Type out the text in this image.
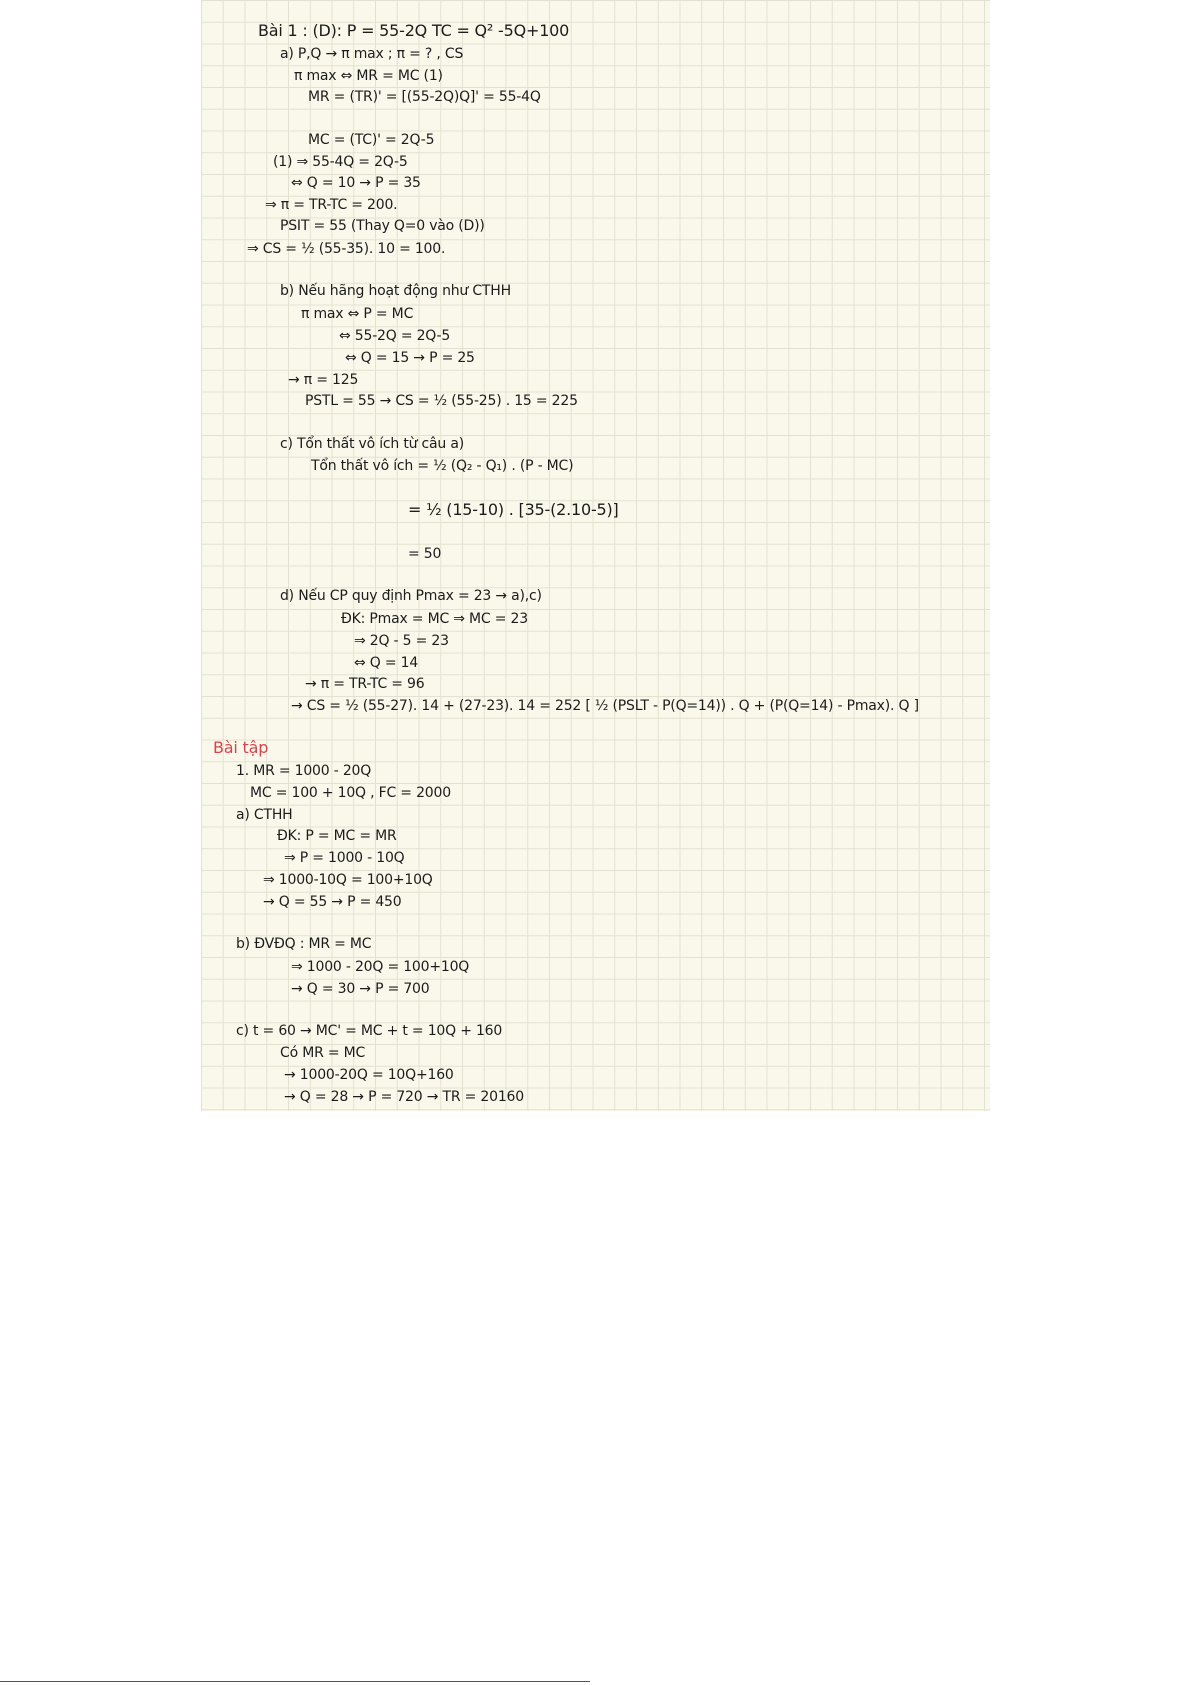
Bài 1 : (D): P = 55-2Q TC = Q² -5Q+100
a) P,Q → π max ; π = ? , CS
π max ⇔ MR = MC (1)
MR = (TR)' = [(55-2Q)Q]' = 55-4Q
MC = (TC)' = 2Q-5
(1) ⇒ 55-4Q = 2Q-5
⇔ Q = 10 → P = 35
⇒ π = TR-TC = 200.
PSIT = 55 (Thay Q=0 vào (D))
⇒ CS = ½ (55-35). 10 = 100.
b) Nếu hãng hoạt động như CTHH
π max ⇔ P = MC
⇔ 55-2Q = 2Q-5
⇔ Q = 15 → P = 25
→ π = 125
PSTL = 55 → CS = ½ (55-25) . 15 = 225
c) Tổn thất vô ích từ câu a)
Tổn thất vô ích = ½ (Q₂ - Q₁) . (P - MC)
= ½ (15-10) . [35-(2.10-5)]
= 50
d) Nếu CP quy định Pmax = 23 → a),c)
ĐK: Pmax = MC ⇒ MC = 23
⇒ 2Q - 5 = 23
⇔ Q = 14
→ π = TR-TC = 96
→ CS = ½ (55-27). 14 + (27-23). 14 = 252 [ ½ (PSLT - P(Q=14)) . Q + (P(Q=14) - Pmax). Q ]
Bài tập
1. MR = 1000 - 20Q
MC = 100 + 10Q , FC = 2000
a) CTHH
ĐK: P = MC = MR
⇒ P = 1000 - 10Q
⇒ 1000-10Q = 100+10Q
→ Q = 55 → P = 450
b) ĐVĐQ : MR = MC
⇒ 1000 - 20Q = 100+10Q
→ Q = 30 → P = 700
c) t = 60 → MC' = MC + t = 10Q + 160
Có MR = MC
→ 1000-20Q = 10Q+160
→ Q = 28 → P = 720 → TR = 20160
